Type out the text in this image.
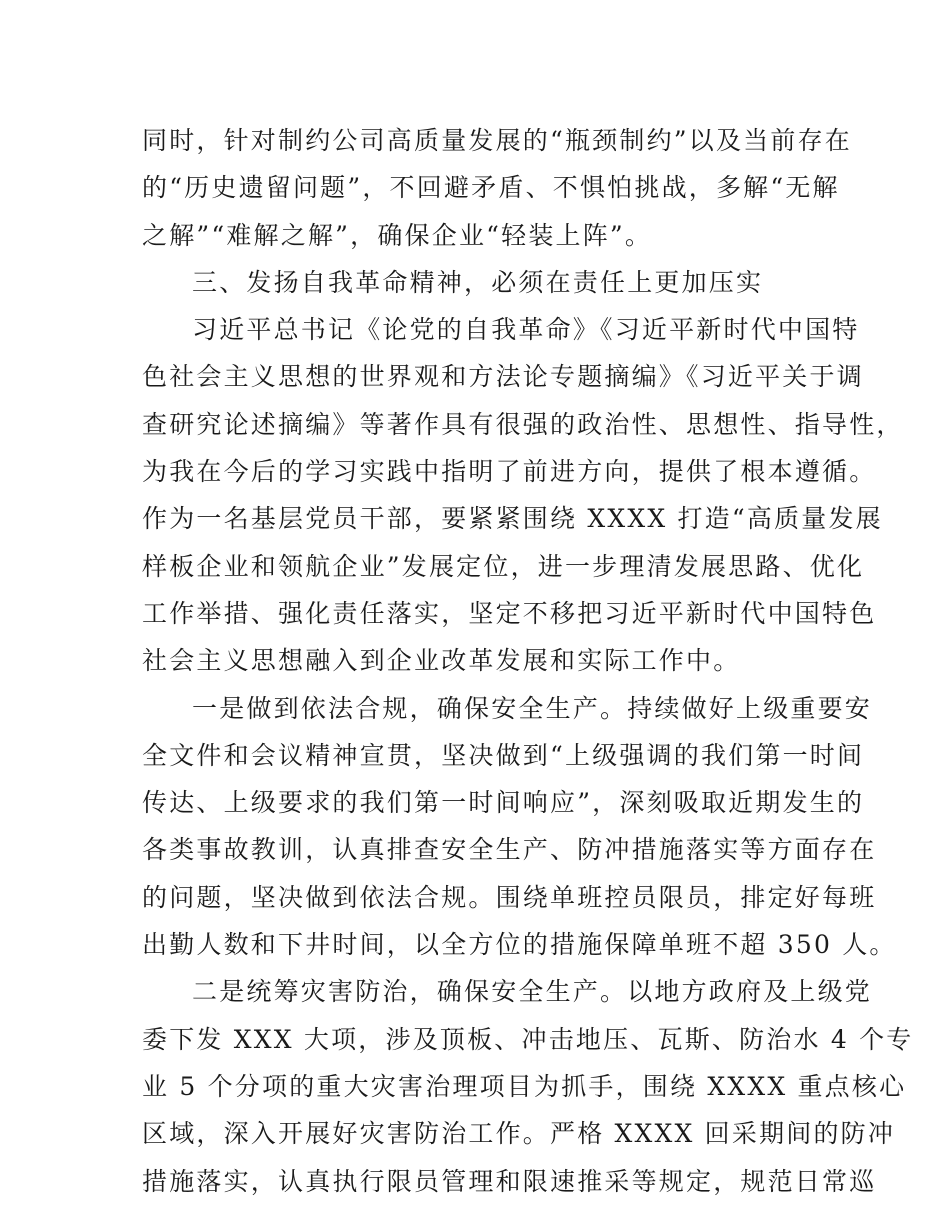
同时，针对制约公司高质量发展的“瓶颈制约”以及当前存在
的“历史遗留问题”，不回避矛盾、不惧怕挑战，多解“无解
之解”“难解之解”，确保企业“轻装上阵”。
三、发扬自我革命精神，必须在责任上更加压实
习近平总书记《论党的自我革命》《习近平新时代中国特
色社会主义思想的世界观和方法论专题摘编》《习近平关于调
查研究论述摘编》等著作具有很强的政治性、思想性、指导性，
为我在今后的学习实践中指明了前进方向，提供了根本遵循。
作为一名基层党员干部，要紧紧围绕 XXXX 打造“高质量发展
样板企业和领航企业”发展定位，进一步理清发展思路、优化
工作举措、强化责任落实，坚定不移把习近平新时代中国特色
社会主义思想融入到企业改革发展和实际工作中。
一是做到依法合规，确保安全生产。持续做好上级重要安
全文件和会议精神宣贯，坚决做到“上级强调的我们第一时间
传达、上级要求的我们第一时间响应”，深刻吸取近期发生的
各类事故教训，认真排查安全生产、防冲措施落实等方面存在
的问题，坚决做到依法合规。围绕单班控员限员，排定好每班
出勤人数和下井时间，以全方位的措施保障单班不超 350 人。
二是统筹灾害防治，确保安全生产。以地方政府及上级党
委下发 XXX 大项，涉及顶板、冲击地压、瓦斯、防治水 4 个专
业 5 个分项的重大灾害治理项目为抓手，围绕 XXXX 重点核心
区域，深入开展好灾害防治工作。严格 XXXX 回采期间的防冲
措施落实，认真执行限员管理和限速推采等规定，规范日常巡
